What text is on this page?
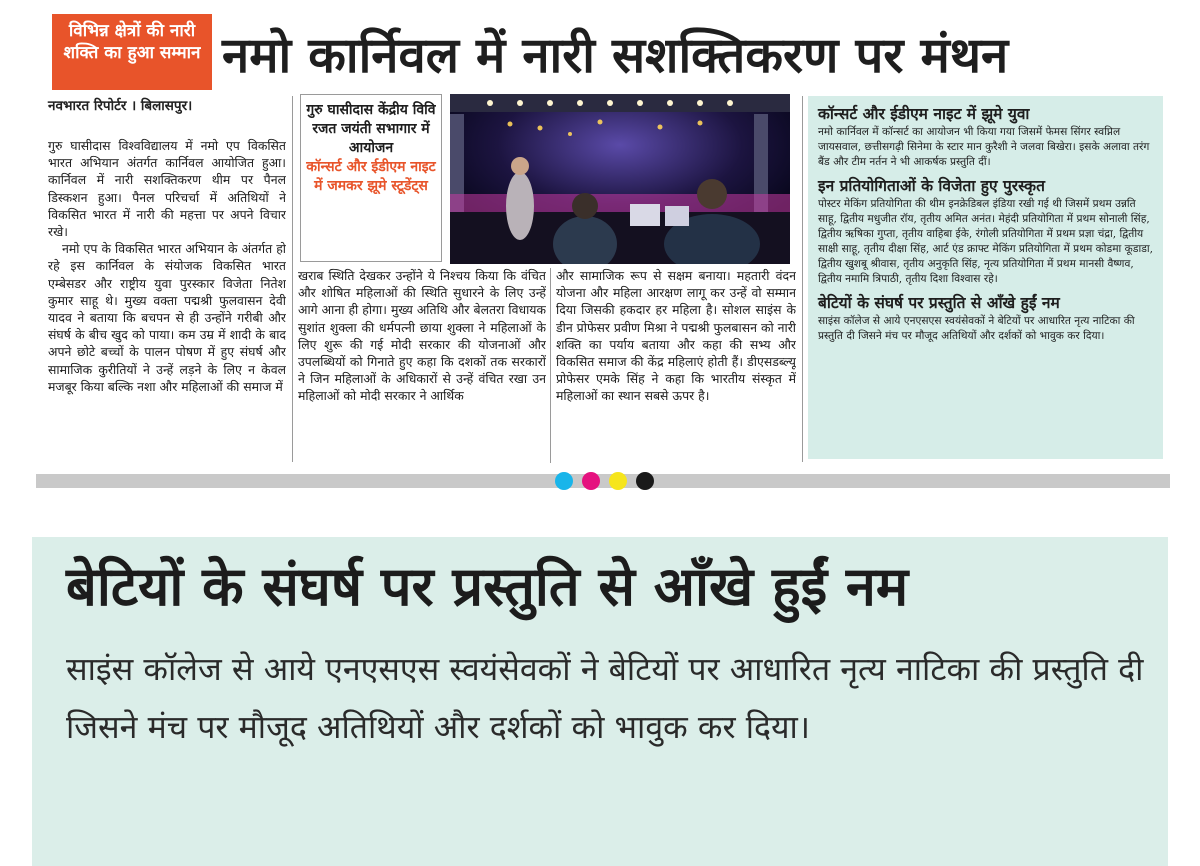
विभिन्न क्षेत्रों की नारी शक्ति का हुआ सम्मान नमो कार्निवल में नारी सशक्तिकरण पर मंथन
नवभारत रिपोर्टर । बिलासपुर।

गुरु घासीदास विश्वविद्यालय में नमो एप विकसित भारत अभियान अंतर्गत कार्निवल आयोजित हुआ। कार्निवल में नारी सशक्तिकरण थीम पर पैनल डिस्कशन हुआ। पैनल परिचर्चा में अतिथियों ने विकसित भारत में नारी की महत्ता पर अपने विचार रखे।

नमो एप के विकसित भारत अभियान के अंतर्गत हो रहे इस कार्निवल के संयोजक विकसित भारत एम्बेसडर और राष्ट्रीय युवा पुरस्कार विजेता नितेश कुमार साहू थे। मुख्य वक्ता पद्मश्री फुलवासन देवी यादव ने बताया कि बचपन से ही उन्होंने गरीबी और संघर्ष के बीच खुद को पाया। कम उम्र में शादी के बाद अपने छोटे बच्चों के पालन पोषण में हुए संघर्ष और सामाजिक कुरीतियों ने उन्हें लड़ने के लिए न केवल मजबूर किया बल्कि नशा और महिलाओं की समाज में

गुरु घासीदास केंद्रीय विवि रजत जयंती सभागार में आयोजन
कॉन्सर्ट और ईडीएम नाइट में जमकर झूमे स्टूडेंट्स

खराब स्थिति देखकर उन्होंने ये निश्चय किया कि वंचित और शोषित महिलाओं की स्थिति सुधारने के लिए उन्हें आगे आना ही होगा। मुख्य अतिथि और बेलतरा विधायक सुशांत शुक्ला की धर्मपत्नी छाया शुक्ला ने महिलाओं के लिए शुरू की गई मोदी सरकार की योजनाओं और उपलब्धियों को गिनाते हुए कहा कि दशकों तक सरकारों ने जिन महिलाओं के अधिकारों से उन्हें वंचित रखा उन महिलाओं को मोदी सरकार ने आर्थिक

और सामाजिक रूप से सक्षम बनाया। महतारी वंदन योजना और महिला आरक्षण लागू कर उन्हें वो सम्मान दिया जिसकी हकदार हर महिला है। सोशल साइंस के डीन प्रोफेसर प्रवीण मिश्रा ने पद्मश्री फुलबासन को नारी शक्ति का पर्याय बताया और कहा की सभ्य और विकसित समाज की केंद्र महिलाएं होती हैं। डीएसडब्ल्यू प्रोफेसर एमके सिंह ने कहा कि भारतीय संस्कृत में महिलाओं का स्थान सबसे ऊपर है।

कॉन्सर्ट और ईडीएम नाइट में झूमे युवा
नमो कार्निवल में कॉन्सर्ट का आयोजन भी किया गया जिसमें फेमस सिंगर स्वप्निल जायसवाल, छत्तीसगढ़ी सिनेमा के स्टार मान कुरैशी ने जलवा बिखेरा। इसके अलावा तरंग बैंड और टीम नर्तन ने भी आकर्षक प्रस्तुति दीं।
इन प्रतियोगिताओं के विजेता हुए पुरस्कृत
पोस्टर मेकिंग प्रतियोगिता की थीम इनक्रेडिबल इंडिया रखी गई थी जिसमें प्रथम उन्नति साहू, द्वितीय मधुजीत रॉय, तृतीय अमित अनंत। मेहंदी प्रतियोगिता में प्रथम सोनाली सिंह, द्वितीय ऋषिका गुप्ता, तृतीय वाहिबा ईके, रंगोली प्रतियोगिता में प्रथम प्रज्ञा चंद्रा, द्वितीय साक्षी साहू, तृतीय दीक्षा सिंह, आर्ट एंड क्राफ्ट मेकिंग प्रतियोगिता में प्रथम कोडमा कूडाडा, द्वितीय खुशबू श्रीवास, तृतीय अनुकृति सिंह, नृत्य प्रतियोगिता में प्रथम मानसी वैष्णव, द्वितीय नमामि त्रिपाठी, तृतीय दिशा विश्वास रहे।
बेटियों के संघर्ष पर प्रस्तुति से आँखे हुईं नम
साइंस कॉलेज से आये एनएसएस स्वयंसेवकों ने बेटियों पर आधारित नृत्य नाटिका की प्रस्तुति दी जिसने मंच पर मौजूद अतिथियों और दर्शकों को भावुक कर दिया।
बेटियों के संघर्ष पर प्रस्तुति से आँखे हुईं नम
साइंस कॉलेज से आये एनएसएस स्वयंसेवकों ने बेटियों पर आधारित नृत्य नाटिका की प्रस्तुति दी जिसने मंच पर मौजूद अतिथियों और दर्शकों को भावुक कर दिया।
